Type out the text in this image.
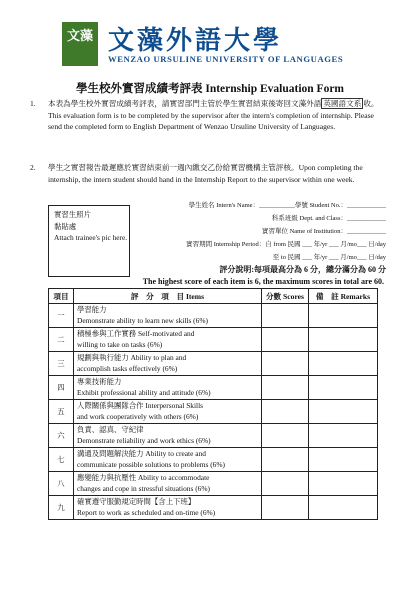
文藻 文藻外語大學
WENZAO URSULINE UNIVERSITY OF LANGUAGES
學生校外實習成績考評表 Internship Evaluation Form
1. 本表為學生校外實習成績考評表，請實習部門主管於學生實習結束後寄回文藻外語 英國語文系 收。This evaluation form is to be completed by the supervisor after the intern's completion of internship. Please send the completed form to English Department of Wenzao Ursuline University of Languages.
2. 學生之實習報告最遲應於實習結束前一週內繳交乙份給實習機構主管評核。Upon completing the internship, the intern student should hand in the Internship Report to the supervisor within one week.
實習生照片
黏貼處
Attach trainee's pic here.
學生姓名 Intern's Name：___________學號 Student No.：____________
科系班級 Dept. and Class：____________
實習單位 Name of Institution：____________
實習期間 Internship Period：自 from 民國 ___ 年/yr ___ 月/mo___ 日/day
至 to 民國 ___ 年/yr ___ 月/mo___ 日/day
評分說明:每項最高分為 6 分，總分滿分為 60 分
The highest score of each item is 6, the maximum scores in total are 60.
項目	評　分　項　目 Items	分數 Scores	備　註 Remarks
一	學習能力
Demonstrate ability to learn new skills (6%)		

二	積極參與工作實務 Self-motivated and
willing to take on tasks (6%)		

三	規劃與執行能力 Ability to plan and
accomplish tasks effectively (6%)		

四	專業技術能力
Exhibit professional ability and attitude (6%)		

五	人際關係與團隊合作 Interpersonal Skills
and work cooperatively with others (6%)		

六	負責、認真、守紀律
Demonstrate reliability and work ethics (6%)		

七	溝通及問題解決能力 Ability to create and
communicate possible solutions to problems (6%)		

八	應變能力與抗壓性 Ability to accommodate
changes and cope in stressful situations (6%)		

九	確實遵守服勤規定時間【含上下班】
Report to work as scheduled and on-time (6%)		
